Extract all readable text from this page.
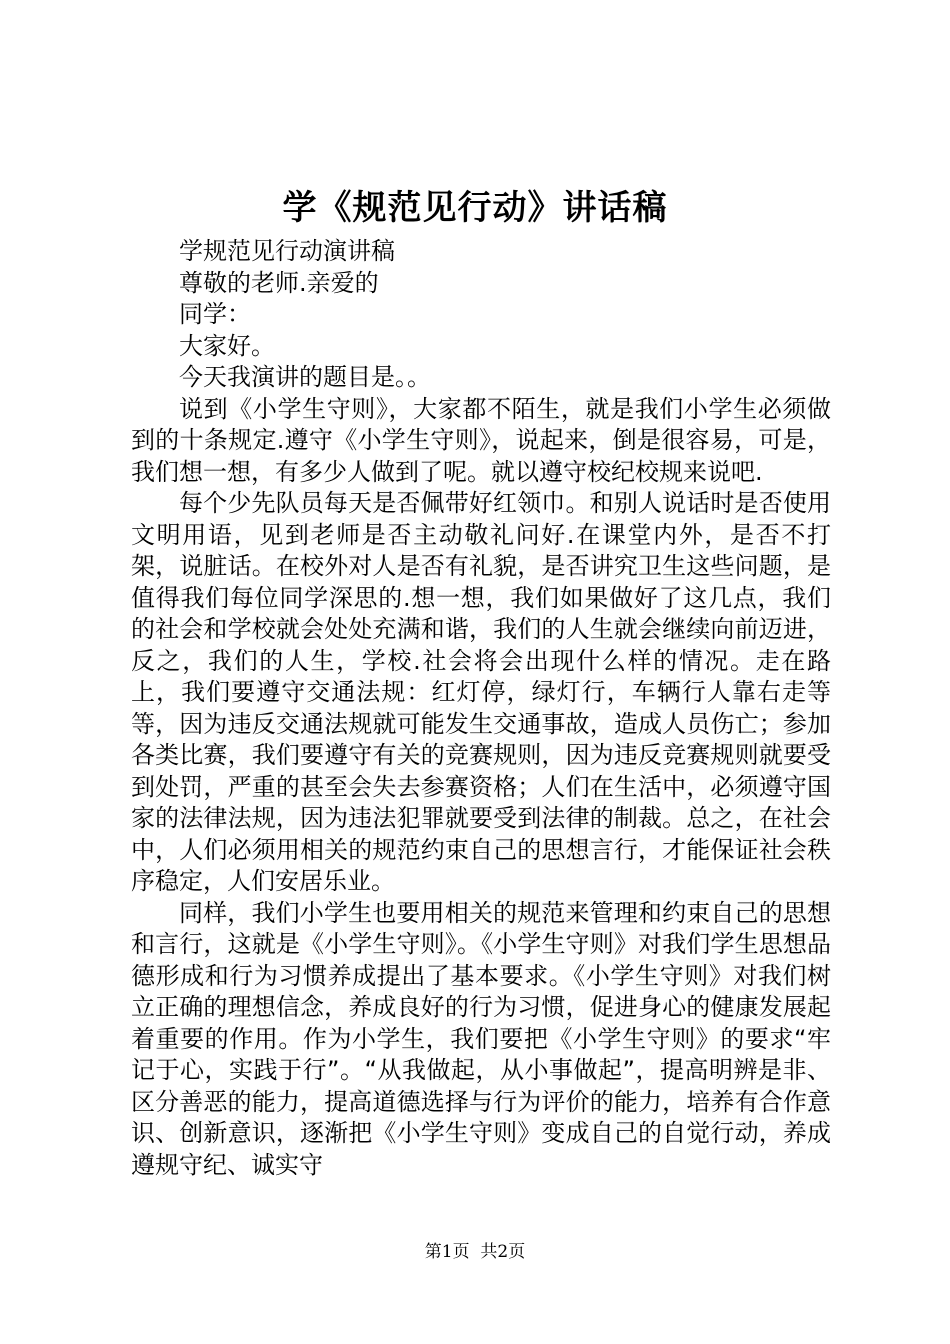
学《规范见行动》讲话稿

学规范见行动演讲稿

尊敬的老师.亲爱的

同学：

大家好。

今天我演讲的题目是。。

说到《小学生守则》，大家都不陌生，就是我们小学生必须做到的十条规定.遵守《小学生守则》，说起来，倒是很容易，可是，我们想一想，有多少人做到了呢。就以遵守校纪校规来说吧.

每个少先队员每天是否佩带好红领巾。和别人说话时是否使用文明用语，见到老师是否主动敬礼问好.在课堂内外，是否不打架，说脏话。在校外对人是否有礼貌，是否讲究卫生这些问题，是值得我们每位同学深思的.想一想，我们如果做好了这几点，我们的社会和学校就会处处充满和谐，我们的人生就会继续向前迈进，反之，我们的人生，学校.社会将会出现什么样的情况。走在路上，我们要遵守交通法规：红灯停，绿灯行，车辆行人靠右走等等，因为违反交通法规就可能发生交通事故，造成人员伤亡；参加各类比赛，我们要遵守有关的竞赛规则，因为违反竞赛规则就要受到处罚，严重的甚至会失去参赛资格；人们在生活中，必须遵守国家的法律法规，因为违法犯罪就要受到法律的制裁。总之，在社会中，人们必须用相关的规范约束自己的思想言行，才能保证社会秩序稳定，人们安居乐业。

同样，我们小学生也要用相关的规范来管理和约束自己的思想和言行，这就是《小学生守则》。《小学生守则》对我们学生思想品德形成和行为习惯养成提出了基本要求。《小学生守则》对我们树立正确的理想信念，养成良好的行为习惯，促进身心的健康发展起着重要的作用。作为小学生，我们要把《小学生守则》的要求“牢记于心，实践于行”。“从我做起，从小事做起”，提高明辨是非、区分善恶的能力，提高道德选择与行为评价的能力，培养有合作意识、创新意识，逐渐把《小学生守则》变成自己的自觉行动，养成遵规守纪、诚实守

第1页 共2页
